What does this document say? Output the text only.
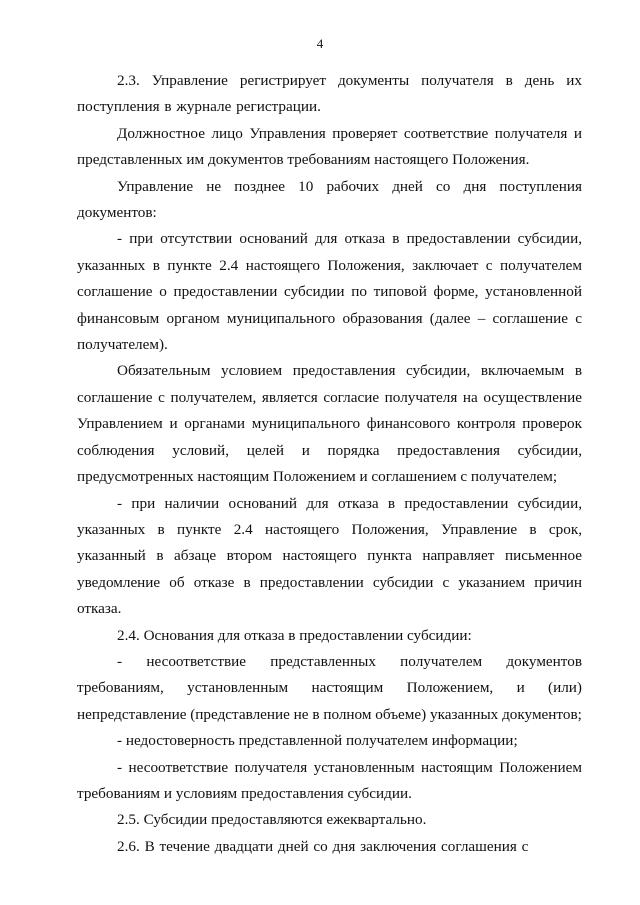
4

2.3. Управление регистрирует документы получателя в день их поступления в журнале регистрации.

Должностное лицо Управления проверяет соответствие получателя и представленных им документов требованиям настоящего Положения.

Управление не позднее 10 рабочих дней со дня поступления документов:

- при отсутствии оснований для отказа в предоставлении субсидии, указанных в пункте 2.4 настоящего Положения, заключает с получателем соглашение о предоставлении субсидии по типовой форме, установленной финансовым органом муниципального образования (далее – соглашение с получателем).

Обязательным условием предоставления субсидии, включаемым в соглашение с получателем, является согласие получателя на осуществление Управлением и органами муниципального финансового контроля проверок соблюдения условий, целей и порядка предоставления субсидии, предусмотренных настоящим Положением и соглашением с получателем;

- при наличии оснований для отказа в предоставлении субсидии, указанных в пункте 2.4 настоящего Положения, Управление в срок, указанный в абзаце втором настоящего пункта направляет письменное уведомление об отказе в предоставлении субсидии с указанием причин отказа.

2.4. Основания для отказа в предоставлении субсидии:

- несоответствие представленных получателем документов требованиям, установленным настоящим Положением, и (или) непредставление (представление не в полном объеме) указанных документов;

- недостоверность представленной получателем информации;

- несоответствие получателя установленным настоящим Положением требованиям и условиям предоставления субсидии.

2.5. Субсидии предоставляются ежеквартально.

2.6. В течение двадцати дней со дня заключения соглашения с
